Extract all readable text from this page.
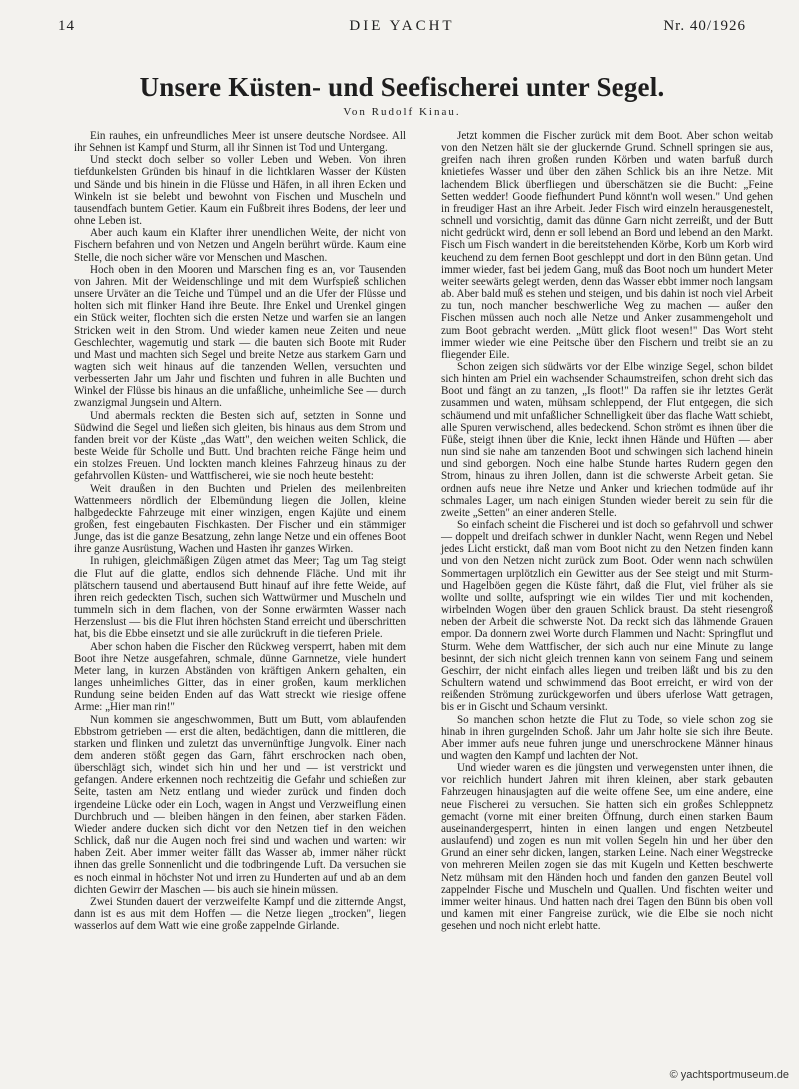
14	DIE YACHT	Nr. 40/1926
Unsere Küsten- und Seefischerei unter Segel.
Von Rudolf Kinau.

Ein rauhes, ein unfreundliches Meer ist unsere deutsche Nordsee. All ihr Sehnen ist Kampf und Sturm, all ihr Sinnen ist Tod und Untergang.

Und steckt doch selber so voller Leben und Weben. Von ihren tiefdunkelsten Gründen bis hinauf in die lichtklaren Wasser der Küsten und Sände und bis hinein in die Flüsse und Häfen, in all ihren Ecken und Winkeln ist sie belebt und bewohnt von Fischen und Muscheln und tausendfach buntem Getier. Kaum ein Fußbreit ihres Bodens, der leer und ohne Leben ist.

Aber auch kaum ein Klafter ihrer unendlichen Weite, der nicht von Fischern befahren und von Netzen und Angeln berührt würde. Kaum eine Stelle, die noch sicher wäre vor Menschen und Maschen.

Hoch oben in den Mooren und Marschen fing es an, vor Tausenden von Jahren. Mit der Weidenschlinge und mit dem Wurfspieß schlichen unsere Urväter an die Teiche und Tümpel und an die Ufer der Flüsse und holten sich mit flinker Hand ihre Beute. Ihre Enkel und Urenkel gingen ein Stück weiter, flochten sich die ersten Netze und warfen sie an langen Stricken weit in den Strom. Und wieder kamen neue Zeiten und neue Geschlechter, wagemutig und stark — die bauten sich Boote mit Ruder und Mast und machten sich Segel und breite Netze aus starkem Garn und wagten sich weit hinaus auf die tanzenden Wellen, versuchten und verbesserten Jahr um Jahr und fischten und fuhren in alle Buchten und Winkel der Flüsse bis hinaus an die unfaßliche, unheimliche See — durch zwanzigmal Jungsein und Altern.

Und abermals reckten die Besten sich auf, setzten in Sonne und Südwind die Segel und ließen sich gleiten, bis hinaus aus dem Strom und fanden breit vor der Küste „das Watt", den weichen weiten Schlick, die beste Weide für Scholle und Butt. Und brachten reiche Fänge heim und ein stolzes Freuen. Und lockten manch kleines Fahrzeug hinaus zu der gefahrvollen Küsten- und Wattfischerei, wie sie noch heute besteht:

Weit draußen in den Buchten und Prielen des meilenbreiten Wattenmeers nördlich der Elbemündung liegen die Jollen, kleine halbgedeckte Fahrzeuge mit einer winzigen, engen Kajüte und einem großen, fest eingebauten Fischkasten. Der Fischer und ein stämmiger Junge, das ist die ganze Besatzung, zehn lange Netze und ein offenes Boot ihre ganze Ausrüstung, Wachen und Hasten ihr ganzes Wirken.

In ruhigen, gleichmäßigen Zügen atmet das Meer; Tag um Tag steigt die Flut auf die glatte, endlos sich dehnende Fläche. Und mit ihr plätschern tausend und abertausend Butt hinauf auf ihre fette Weide, auf ihren reich gedeckten Tisch, suchen sich Wattwürmer und Muscheln und tummeln sich in dem flachen, von der Sonne erwärmten Wasser nach Herzenslust — bis die Flut ihren höchsten Stand erreicht und überschritten hat, bis die Ebbe einsetzt und sie alle zurückruft in die tieferen Priele.

Aber schon haben die Fischer den Rückweg versperrt, haben mit dem Boot ihre Netze ausgefahren, schmale, dünne Garnnetze, viele hundert Meter lang, in kurzen Abständen von kräftigen Ankern gehalten, ein langes unheimliches Gitter, das in einer großen, kaum merklichen Rundung seine beiden Enden auf das Watt streckt wie riesige offene Arme: „Hier man rin!"

Nun kommen sie angeschwommen, Butt um Butt, vom ablaufenden Ebbstrom getrieben — erst die alten, bedächtigen, dann die mittleren, die starken und flinken und zuletzt das unvernünftige Jungvolk. Einer nach dem anderen stößt gegen das Garn, fährt erschrocken nach oben, überschlägt sich, windet sich hin und her und — ist verstrickt und gefangen. Andere erkennen noch rechtzeitig die Gefahr und schießen zur Seite, tasten am Netz entlang und wieder zurück und finden doch irgendeine Lücke oder ein Loch, wagen in Angst und Verzweiflung einen Durchbruch und — bleiben hängen in den feinen, aber starken Fäden. Wieder andere ducken sich dicht vor den Netzen tief in den weichen Schlick, daß nur die Augen noch frei sind und wachen und warten: wir haben Zeit. Aber immer weiter fällt das Wasser ab, immer näher rückt ihnen das grelle Sonnenlicht und die todbringende Luft. Da versuchen sie es noch einmal in höchster Not und irren zu Hunderten auf und ab an dem dichten Gewirr der Maschen — bis auch sie hinein müssen.

Zwei Stunden dauert der verzweifelte Kampf und die zitternde Angst, dann ist es aus mit dem Hoffen — die Netze liegen „trocken", liegen wasserlos auf dem Watt wie eine große zappelnde Girlande.

Jetzt kommen die Fischer zurück mit dem Boot. Aber schon weitab von den Netzen hält sie der gluckernde Grund. Schnell springen sie aus, greifen nach ihren großen runden Körben und waten barfuß durch knietiefes Wasser und über den zähen Schlick bis an ihre Netze. Mit lachendem Blick überfliegen und überschätzen sie die Bucht: „Feine Setten wedder! Goode fiefhundert Pund könnt'n woll wesen." Und gehen in freudiger Hast an ihre Arbeit. Jeder Fisch wird einzeln herausgenestelt, schnell und vorsichtig, damit das dünne Garn nicht zerreißt, und der Butt nicht gedrückt wird, denn er soll lebend an Bord und lebend an den Markt. Fisch um Fisch wandert in die bereitstehenden Körbe, Korb um Korb wird keuchend zu dem fernen Boot geschleppt und dort in den Bünn getan. Und immer wieder, fast bei jedem Gang, muß das Boot noch um hundert Meter weiter seewärts gelegt werden, denn das Wasser ebbt immer noch langsam ab. Aber bald muß es stehen und steigen, und bis dahin ist noch viel Arbeit zu tun, noch mancher beschwerliche Weg zu machen — außer den Fischen müssen auch noch alle Netze und Anker zusammengeholt und zum Boot gebracht werden. „Mütt glick floot wesen!" Das Wort steht immer wieder wie eine Peitsche über den Fischern und treibt sie an zu fliegender Eile.

Schon zeigen sich südwärts vor der Elbe winzige Segel, schon bildet sich hinten am Priel ein wachsender Schaumstreifen, schon dreht sich das Boot und fängt an zu tanzen, „Is floot!" Da raffen sie ihr letztes Gerät zusammen und waten, mühsam schleppend, der Flut entgegen, die sich schäumend und mit unfaßlicher Schnelligkeit über das flache Watt schiebt, alle Spuren verwischend, alles bedeckend. Schon strömt es ihnen über die Füße, steigt ihnen über die Knie, leckt ihnen Hände und Hüften — aber nun sind sie nahe am tanzenden Boot und schwingen sich lachend hinein und sind geborgen. Noch eine halbe Stunde hartes Rudern gegen den Strom, hinaus zu ihren Jollen, dann ist die schwerste Arbeit getan. Sie ordnen aufs neue ihre Netze und Anker und kriechen todmüde auf ihr schmales Lager, um nach einigen Stunden wieder bereit zu sein für die zweite „Setten" an einer anderen Stelle.

So einfach scheint die Fischerei und ist doch so gefahrvoll und schwer — doppelt und dreifach schwer in dunkler Nacht, wenn Regen und Nebel jedes Licht erstickt, daß man vom Boot nicht zu den Netzen finden kann und von den Netzen nicht zurück zum Boot. Oder wenn nach schwülen Sommertagen urplötzlich ein Gewitter aus der See steigt und mit Sturm- und Hagelböen gegen die Küste fährt, daß die Flut, viel früher als sie wollte und sollte, aufspringt wie ein wildes Tier und mit kochenden, wirbelnden Wogen über den grauen Schlick braust. Da steht riesengroß neben der Arbeit die schwerste Not. Da reckt sich das lähmende Grauen empor. Da donnern zwei Worte durch Flammen und Nacht: Springflut und Sturm. Wehe dem Wattfischer, der sich auch nur eine Minute zu lange besinnt, der sich nicht gleich trennen kann von seinem Fang und seinem Geschirr, der nicht einfach alles liegen und treiben läßt und bis zu den Schultern watend und schwimmend das Boot erreicht, er wird von der reißenden Strömung zurückgeworfen und übers uferlose Watt getragen, bis er in Gischt und Schaum versinkt.

So manchen schon hetzte die Flut zu Tode, so viele schon zog sie hinab in ihren gurgelnden Schoß. Jahr um Jahr holte sie sich ihre Beute. Aber immer aufs neue fuhren junge und unerschrockene Männer hinaus und wagten den Kampf und lachten der Not.

Und wieder waren es die jüngsten und verwegensten unter ihnen, die vor reichlich hundert Jahren mit ihren kleinen, aber stark gebauten Fahrzeugen hinausjagten auf die weite offene See, um eine andere, eine neue Fischerei zu versuchen. Sie hatten sich ein großes Schleppnetz gemacht (vorne mit einer breiten Öffnung, durch einen starken Baum auseinandergesperrt, hinten in einen langen und engen Netzbeutel auslaufend) und zogen es nun mit vollen Segeln hin und her über den Grund an einer sehr dicken, langen, starken Leine. Nach einer Wegstrecke von mehreren Meilen zogen sie das mit Kugeln und Ketten beschwerte Netz mühsam mit den Händen hoch und fanden den ganzen Beutel voll zappelnder Fische und Muscheln und Quallen. Und fischten weiter und immer weiter hinaus. Und hatten nach drei Tagen den Bünn bis oben voll und kamen mit einer Fangreise zurück, wie die Elbe sie noch nicht gesehen und noch nicht erlebt hatte.

© yachtsportmuseum.de
